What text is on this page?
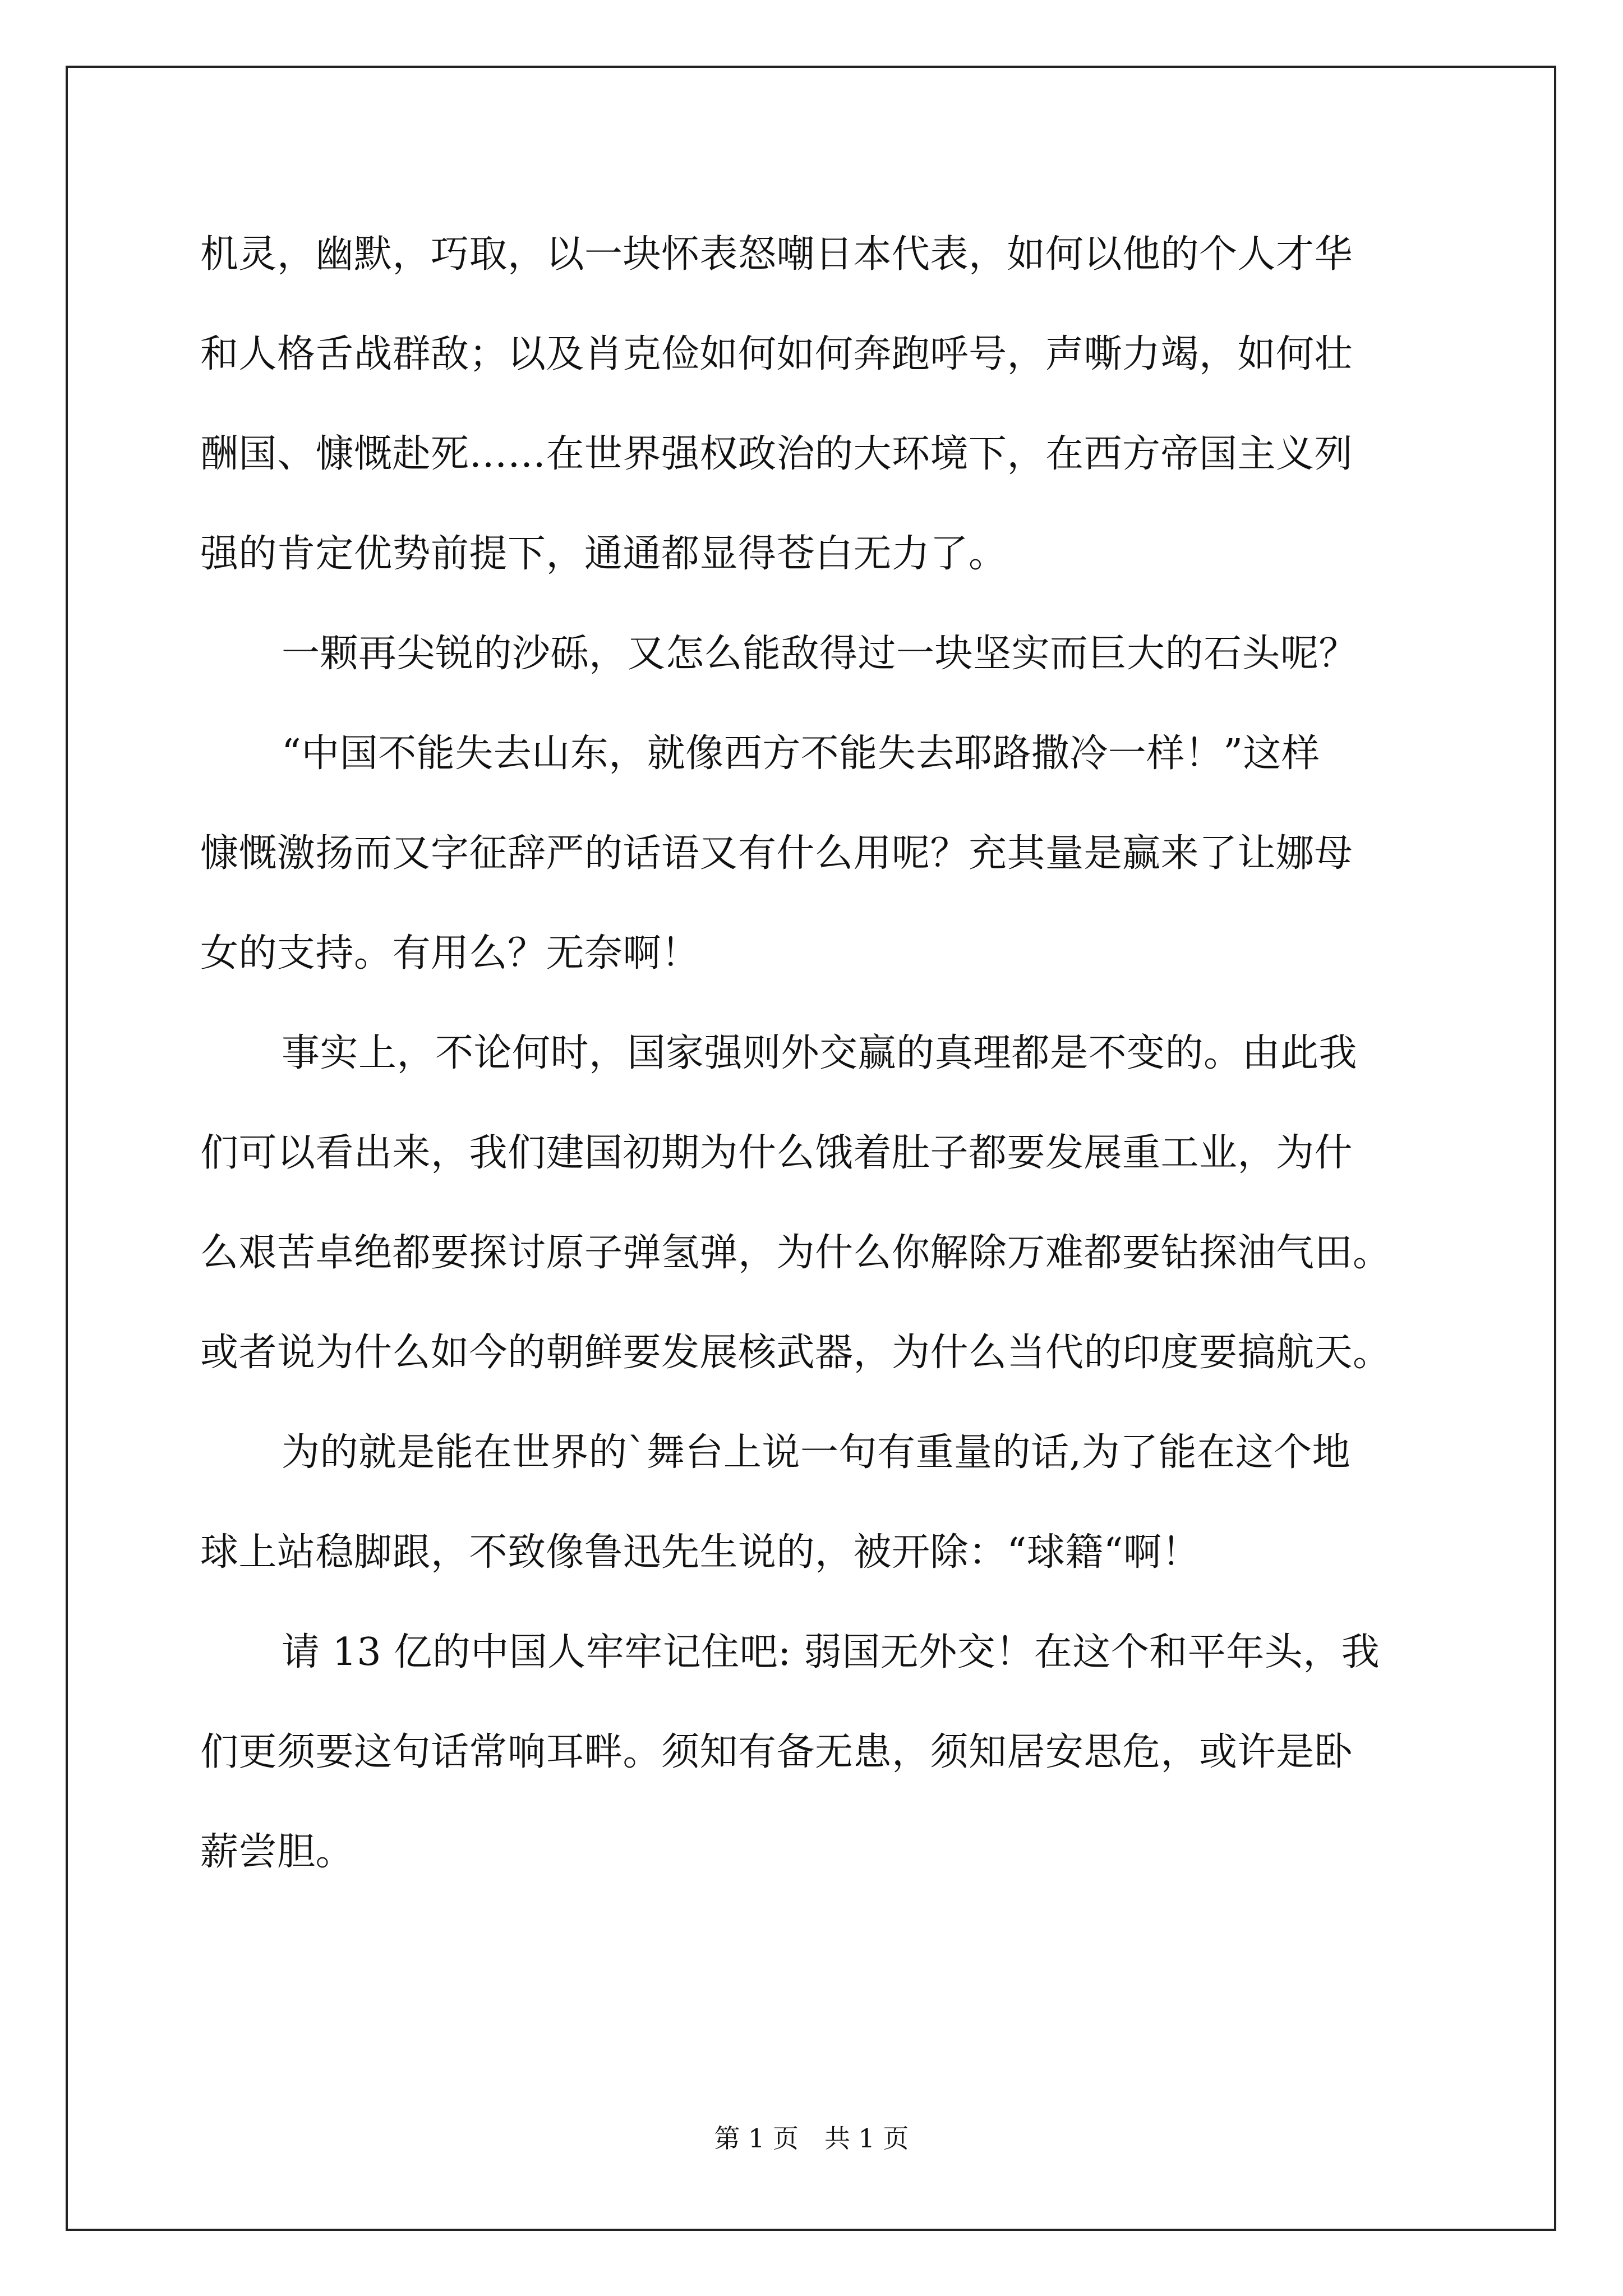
机灵，幽默，巧取，以一块怀表怒嘲日本代表，如何以他的个人才华
和人格舌战群敌；以及肖克俭如何如何奔跑呼号，声嘶力竭，如何壮
酬国、慷慨赴死……在世界强权政治的大环境下，在西方帝国主义列
强的肯定优势前提下，通通都显得苍白无力了。

一颗再尖锐的沙砾，又怎么能敌得过一块坚实而巨大的石头呢？

“中国不能失去山东，就像西方不能失去耶路撒冷一样！”这样
慷慨激扬而又字征辞严的话语又有什么用呢？充其量是赢来了让娜母
女的支持。有用么？无奈啊！

事实上，不论何时，国家强则外交赢的真理都是不变的。由此我
们可以看出来，我们建国初期为什么饿着肚子都要发展重工业，为什
么艰苦卓绝都要探讨原子弹氢弹，为什么你解除万难都要钻探油气田。
或者说为什么如今的朝鲜要发展核武器，为什么当代的印度要搞航天。

为的就是能在世界的`舞台上说一句有重量的话,为了能在这个地
球上站稳脚跟，不致像鲁迅先生说的，被开除：“球籍“啊！

请 13 亿的中国人牢牢记住吧: 弱国无外交！在这个和平年头，我
们更须要这句话常响耳畔。须知有备无患，须知居安思危，或许是卧
薪尝胆。

第 1 页　共 1 页
